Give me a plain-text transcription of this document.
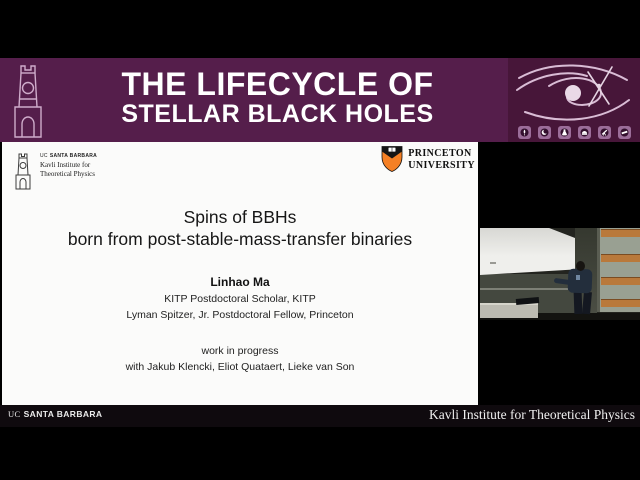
THE LIFECYCLE OF
STELLAR BLACK HOLES
UC SANTA BARBARA
Kavli Institute for
Theoretical Physics
PRINCETON
UNIVERSITY
Spins of BBHs
born from post-stable-mass-transfer binaries
Linhao Ma
KITP Postdoctoral Scholar, KITP
Lyman Spitzer, Jr. Postdoctoral Fellow, Princeton
work in progress
with Jakub Klencki, Eliot Quataert, Lieke van Son
UC SANTA BARBARA	Kavli Institute for Theoretical Physics
